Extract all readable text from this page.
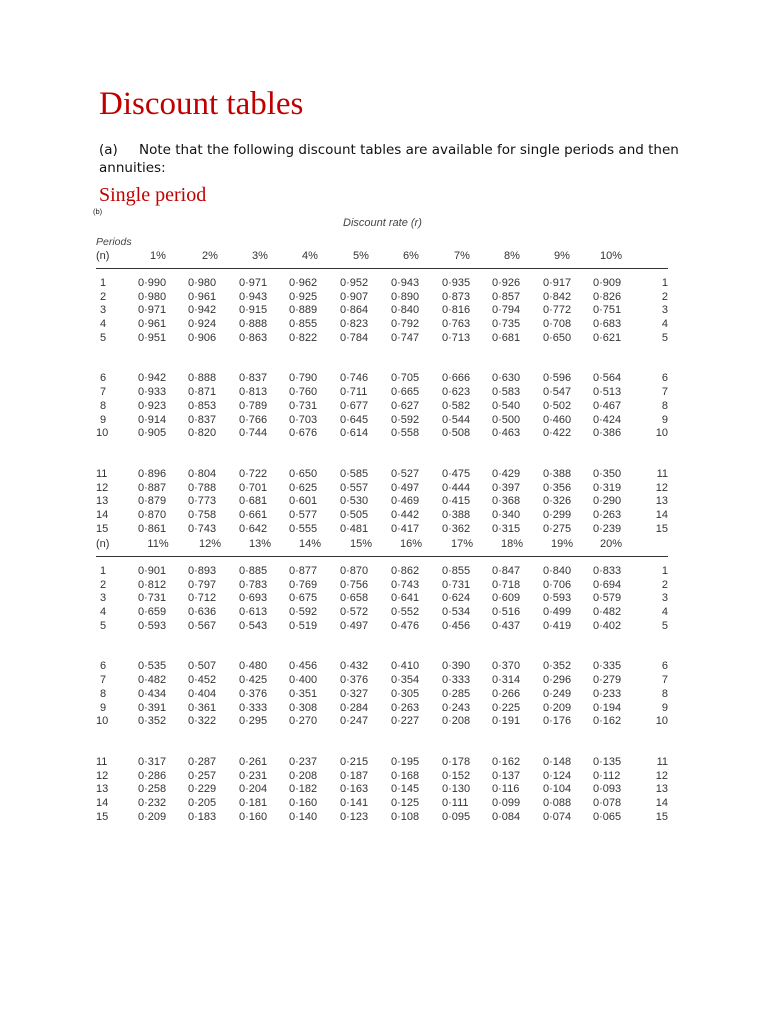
Discount tables
(a) Note that the following discount tables are available for single periods and then annuities:
Single period
(b)
Discount rate (r)
Periods
(n)	1%	2%	3%	4%	5%	6%	7%	8%	9%	10%
1	0·990 0·980 0·971 0·962 0·952 0·943 0·935 0·926 0·917 0·909	1
2	0·980 0·961 0·943 0·925 0·907 0·890 0·873 0·857 0·842 0·826	2
3	0·971 0·942 0·915 0·889 0·864 0·840 0·816 0·794 0·772 0·751	3
4	0·961 0·924 0·888 0·855 0·823 0·792 0·763 0·735 0·708 0·683	4
5	0·951 0·906 0·863 0·822 0·784 0·747 0·713 0·681 0·650 0·621	5
6	0·942 0·888 0·837 0·790 0·746 0·705 0·666 0·630 0·596 0·564	6
7	0·933 0·871 0·813 0·760 0·711 0·665 0·623 0·583 0·547 0·513	7
8	0·923 0·853 0·789 0·731 0·677 0·627 0·582 0·540 0·502 0·467	8
9	0·914 0·837 0·766 0·703 0·645 0·592 0·544 0·500 0·460 0·424	9
10	0·905 0·820 0·744 0·676 0·614 0·558 0·508 0·463 0·422 0·386	10
11	0·896 0·804 0·722 0·650 0·585 0·527 0·475 0·429 0·388 0·350	11
12	0·887 0·788 0·701 0·625 0·557 0·497 0·444 0·397 0·356 0·319	12
13	0·879 0·773 0·681 0·601 0·530 0·469 0·415 0·368 0·326 0·290	13
14	0·870 0·758 0·661 0·577 0·505 0·442 0·388 0·340 0·299 0·263	14
15	0·861 0·743 0·642 0·555 0·481 0·417 0·362 0·315 0·275 0·239	15
(n)	11%	12%	13%	14%	15%	16%	17%	18%	19% 20%
1	0·901 0·893 0·885 0·877 0·870 0·862 0·855 0·847 0·840 0·833	1
2	0·812 0·797 0·783 0·769 0·756 0·743 0·731 0·718 0·706 0·694	2
3	0·731 0·712 0·693 0·675 0·658 0·641 0·624 0·609 0·593 0·579	3
4	0·659 0·636 0·613 0·592 0·572 0·552 0·534 0·516 0·499 0·482	4
5	0·593 0·567 0·543 0·519 0·497 0·476 0·456 0·437 0·419 0·402	5
6	0·535 0·507 0·480 0·456 0·432 0·410 0·390 0·370 0·352 0·335	6
7	0·482 0·452 0·425 0·400 0·376 0·354 0·333 0·314 0·296 0·279	7
8	0·434 0·404 0·376 0·351 0·327 0·305 0·285 0·266 0·249 0·233	8
9	0·391 0·361 0·333 0·308 0·284 0·263 0·243 0·225 0·209 0·194	9
10	0·352 0·322 0·295 0·270 0·247 0·227 0·208 0·191 0·176 0·162	10
11	0·317 0·287 0·261 0·237 0·215 0·195 0·178 0·162 0·148 0·135	11
12	0·286 0·257 0·231 0·208 0·187 0·168 0·152 0·137 0·124 0·112	12
13	0·258 0·229 0·204 0·182 0·163 0·145 0·130 0·116 0·104 0·093	13
14	0·232 0·205 0·181 0·160 0·141 0·125 0·111 0·099 0·088 0·078	14
15	0·209 0·183 0·160 0·140 0·123 0·108 0·095 0·084 0·074 0·065	15
